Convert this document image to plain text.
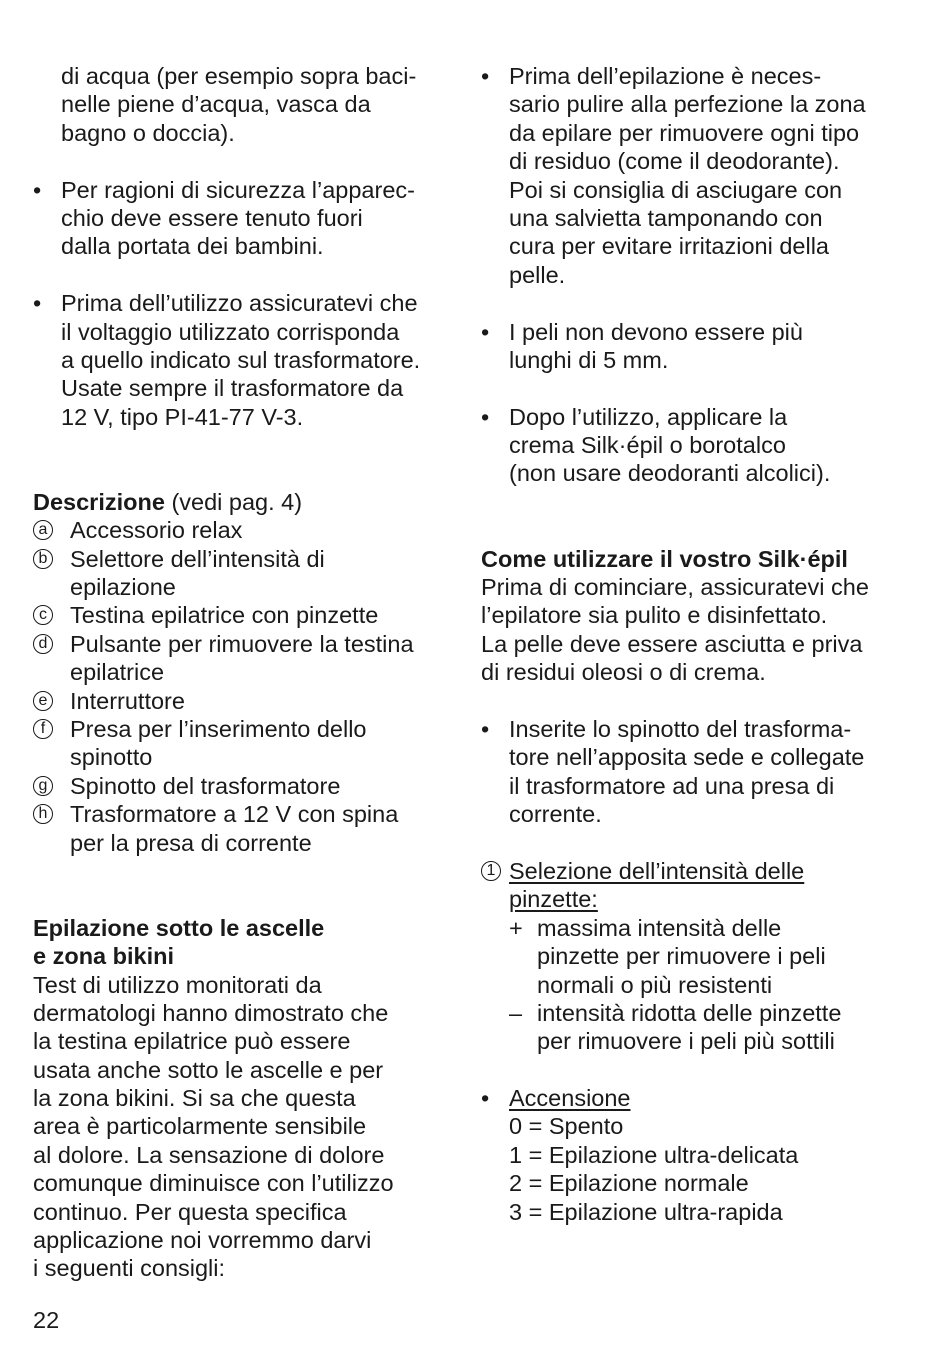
di acqua (per esempio sopra baci-
nelle piene d’acqua, vasca da
bagno o doccia).
• Per ragioni di sicurezza l’apparec-
chio deve essere tenuto fuori
dalla portata dei bambini.
• Prima dell’utilizzo assicuratevi che
il voltaggio utilizzato corrisponda
a quello indicato sul trasformatore.
Usate sempre il trasformatore da
12 V, tipo PI-41-77 V-3.
Descrizione (vedi pag. 4)
a Accessorio relax
b Selettore dell’intensità di
epilazione
c Testina epilatrice con pinzette
d Pulsante per rimuovere la testina
epilatrice
e Interruttore
f	Presa per l’inserimento dello
spinotto
g Spinotto del trasformatore
h Trasformatore a 12 V con spina
per la presa di corrente
Epilazione sotto le ascelle
e zona bikini
Test di utilizzo monitorati da
dermatologi hanno dimostrato che
la testina epilatrice può essere
usata anche sotto le ascelle e per
la zona bikini. Si sa che questa
area è particolarmente sensibile
al dolore. La sensazione di dolore
comunque diminuisce con l’utilizzo
continuo. Per questa specifica
applicazione noi vorremmo darvi
i seguenti consigli:
• Prima dell’epilazione è neces-
sario pulire alla perfezione la zona
da epilare per rimuovere ogni tipo
di residuo (come il deodorante).
Poi si consiglia di asciugare con
una salvietta tamponando con
cura per evitare irritazioni della
pelle.
• I peli non devono essere più
lunghi di 5 mm.
• Dopo l’utilizzo, applicare la
crema Silk·épil o borotalco
(non usare deodoranti alcolici).
Come utilizzare il vostro Silk·épil
Prima di cominciare, assicuratevi che
l’epilatore sia pulito e disinfettato.
La pelle deve essere asciutta e priva
di residui oleosi o di crema.
• Inserite lo spinotto del trasforma-
tore nell’apposita sede e collegate
il trasformatore ad una presa di
corrente.
1 Selezione dell’intensità delle
pinzette:
+ massima intensità delle
pinzette per rimuovere i peli
normali o più resistenti
– intensità ridotta delle pinzette
per rimuovere i peli più sottili
• Accensione
0 = Spento
1 = Epilazione ultra-delicata
2 = Epilazione normale
3 = Epilazione ultra-rapida
22
